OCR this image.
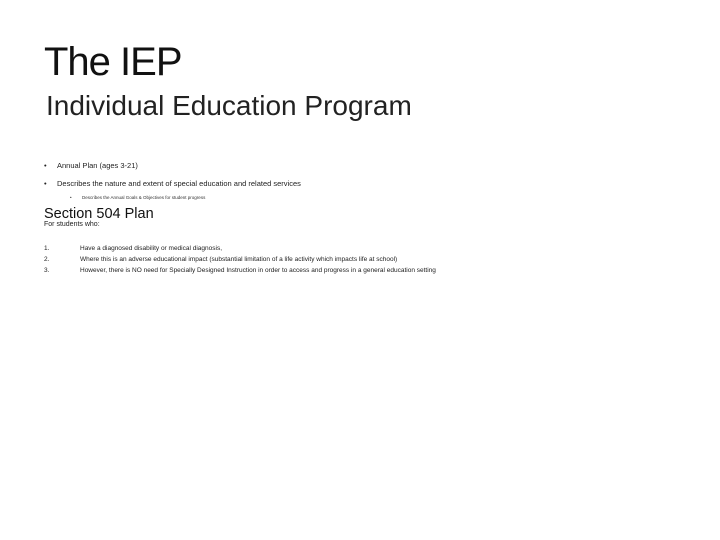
The IEP
Individual Education Program
• Annual Plan (ages 3-21)
• Describes the nature and extent of special education and related services
• Describes the Annual Goals & Objectives for student progress
Section 504 Plan
For students who:
1.	Have a diagnosed disability or medical diagnosis,
2.	Where this is an adverse educational impact (substantial limitation of a life activity which impacts life at school)
3.	However, there is NO need for Specially Designed Instruction in order to access and progress in a general education setting
